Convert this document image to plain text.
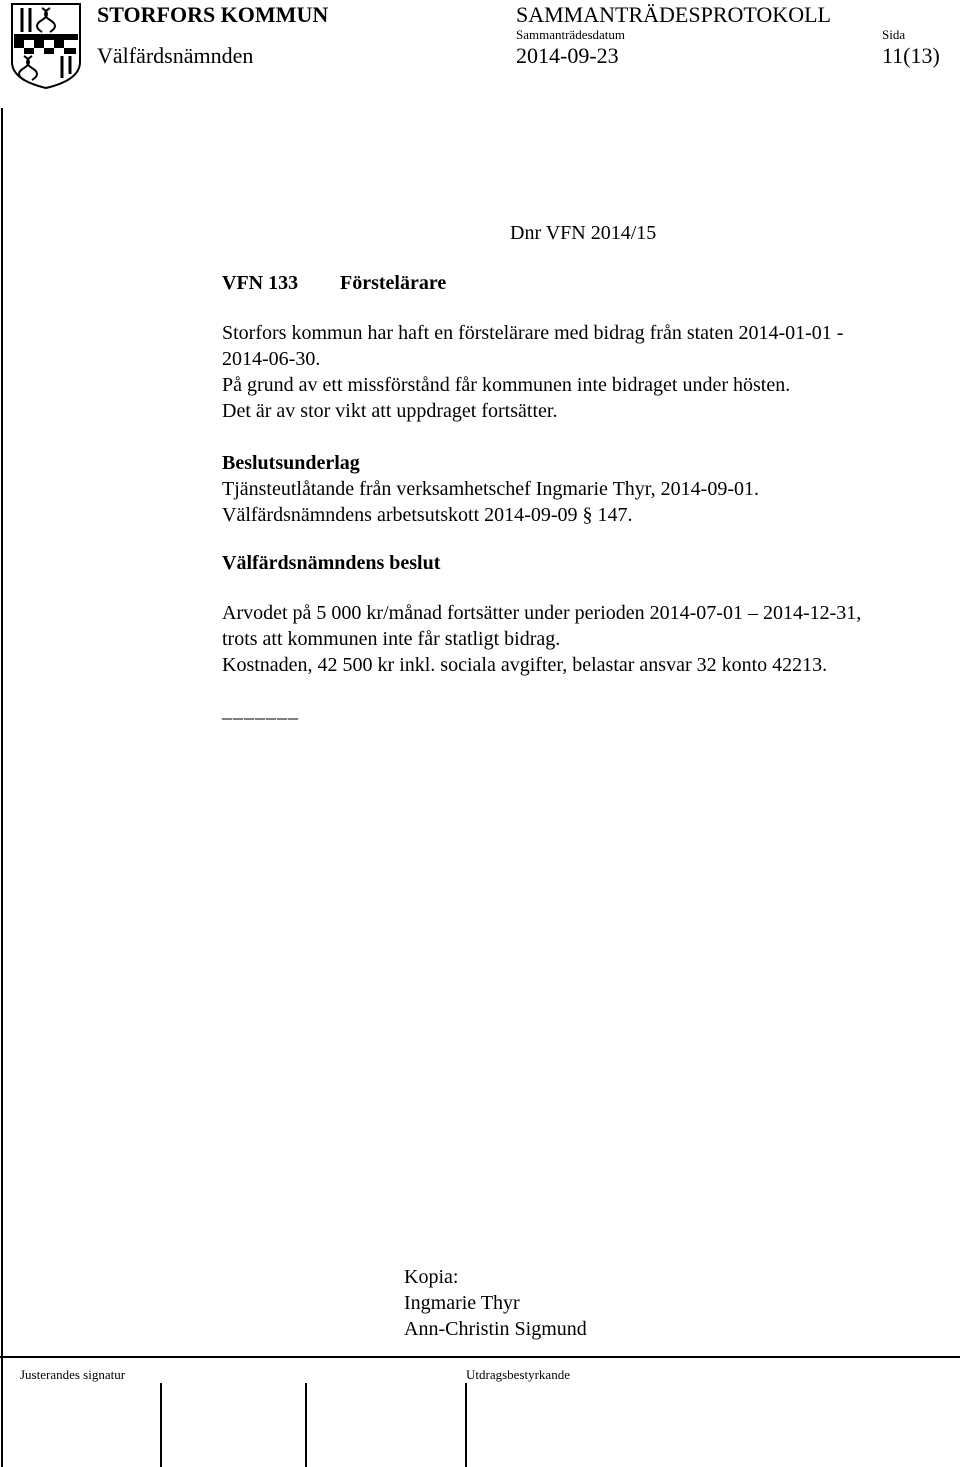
STORFORS KOMMUN
Välfärdsnämnden
SAMMANTRÄDESPROTOKOLL
Sammanträdesdatum
2014-09-23
Sida
11(13)
Dnr VFN 2014/15
VFN 133 Förstelärare
Storfors kommun har haft en förstelärare med bidrag från staten 2014-01-01 -
2014-06-30.
På grund av ett missförstånd får kommunen inte bidraget under hösten.
Det är av stor vikt att uppdraget fortsätter.
Beslutsunderlag
Tjänsteutlåtande från verksamhetschef Ingmarie Thyr, 2014-09-01.
Välfärdsnämndens arbetsutskott 2014-09-09 § 147.
Välfärdsnämndens beslut
Arvodet på 5 000 kr/månad fortsätter under perioden 2014-07-01 – 2014-12-31,
trots att kommunen inte får statligt bidrag.
Kostnaden, 42 500 kr inkl. sociala avgifter, belastar ansvar 32 konto 42213.
_______
Kopia:
Ingmarie Thyr
Ann-Christin Sigmund
Justerandes signatur	Utdragsbestyrkande
